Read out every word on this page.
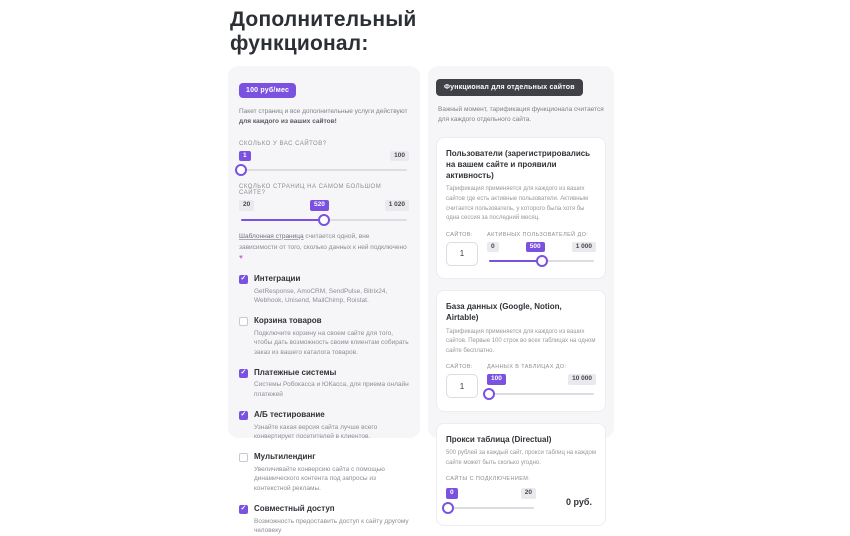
Дополнительный функционал:
100 руб/мес
Пакет страниц и все дополнительные услуги действуют для каждого из ваших сайтов!
СКОЛЬКО У ВАС САЙТОВ?
1	100
СКОЛЬКО СТРАНИЦ НА САМОМ БОЛЬШОМ САЙТЕ?
20	520	1 020
Шаблонная страница считается одной, вне зависимости от того, сколько данных к ней подключено ♥
✓
Интеграции
GetResponse, AmoCRM, SendPulse, Bitrix24, Webhook, Unisend, MailChimp, Roistat.
Корзина товаров
Подключите корзину на своем сайте для того, чтобы дать возможность своим клиентам собирать заказ из вашего каталога товаров.
✓
Платежные системы
Системы Робокасса и ЮКасса, для приема онлайн платежей
✓
А/Б тестирование
Узнайте какая версия сайта лучше всего конвертирует посетителей в клиентов.
Мультилендинг
Увеличивайте конверсию сайта с помощью динамического контента под запросы из контекстной рекламы.
✓
Совместный доступ
Возможность предоставить доступ к сайту другому человеку
Функционал для отдельных сайтов
Важный момент, тарификация функционала считается для каждого отдельного сайта.
Пользователи (зарегистрировались на вашем сайте и проявили активность)
Тарификация применяется для каждого из ваших сайтов где есть активные пользователи. Активным считается пользователь, у которого была хотя бы одна сессия за последний месяц.
САЙТОВ:
1	АКТИВНЫХ ПОЛЬЗОВАТЕЛЕЙ ДО:
0	500	1 000
База данных (Google, Notion, Airtable)
Тарификация применяется для каждого из ваших сайтов. Первые 100 строк во всех таблицах на одном сайте бесплатно.
САЙТОВ:
1	ДАННЫХ В ТАБЛИЦАХ ДО:
100	10 000
Прокси таблица (Directual)
500 рублей за каждый сайт, прокси таблиц на каждом сайте может быть сколько угодно.
САЙТЫ С ПОДКЛЮЧЕНИЕМ:
0	20
0 руб.
